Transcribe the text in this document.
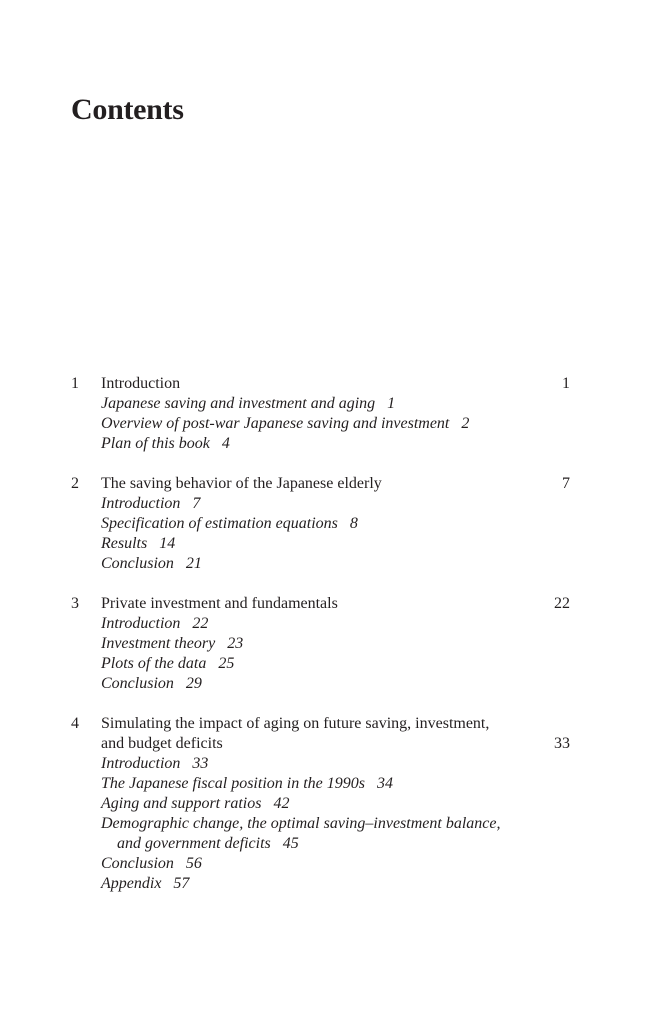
Contents
1 Introduction	1
Japanese saving and investment and aging 1
Overview of post-war Japanese saving and investment 2
Plan of this book 4
2 The saving behavior of the Japanese elderly	7
Introduction 7
Specification of estimation equations 8
Results 14
Conclusion 21
3 Private investment and fundamentals	22
Introduction 22
Investment theory 23
Plots of the data 25
Conclusion 29
4 Simulating the impact of aging on future saving, investment,
and budget deficits	33
Introduction 33
The Japanese fiscal position in the 1990s 34
Aging and support ratios 42
Demographic change, the optimal saving–investment balance,
and government deficits 45
Conclusion 56
Appendix 57
